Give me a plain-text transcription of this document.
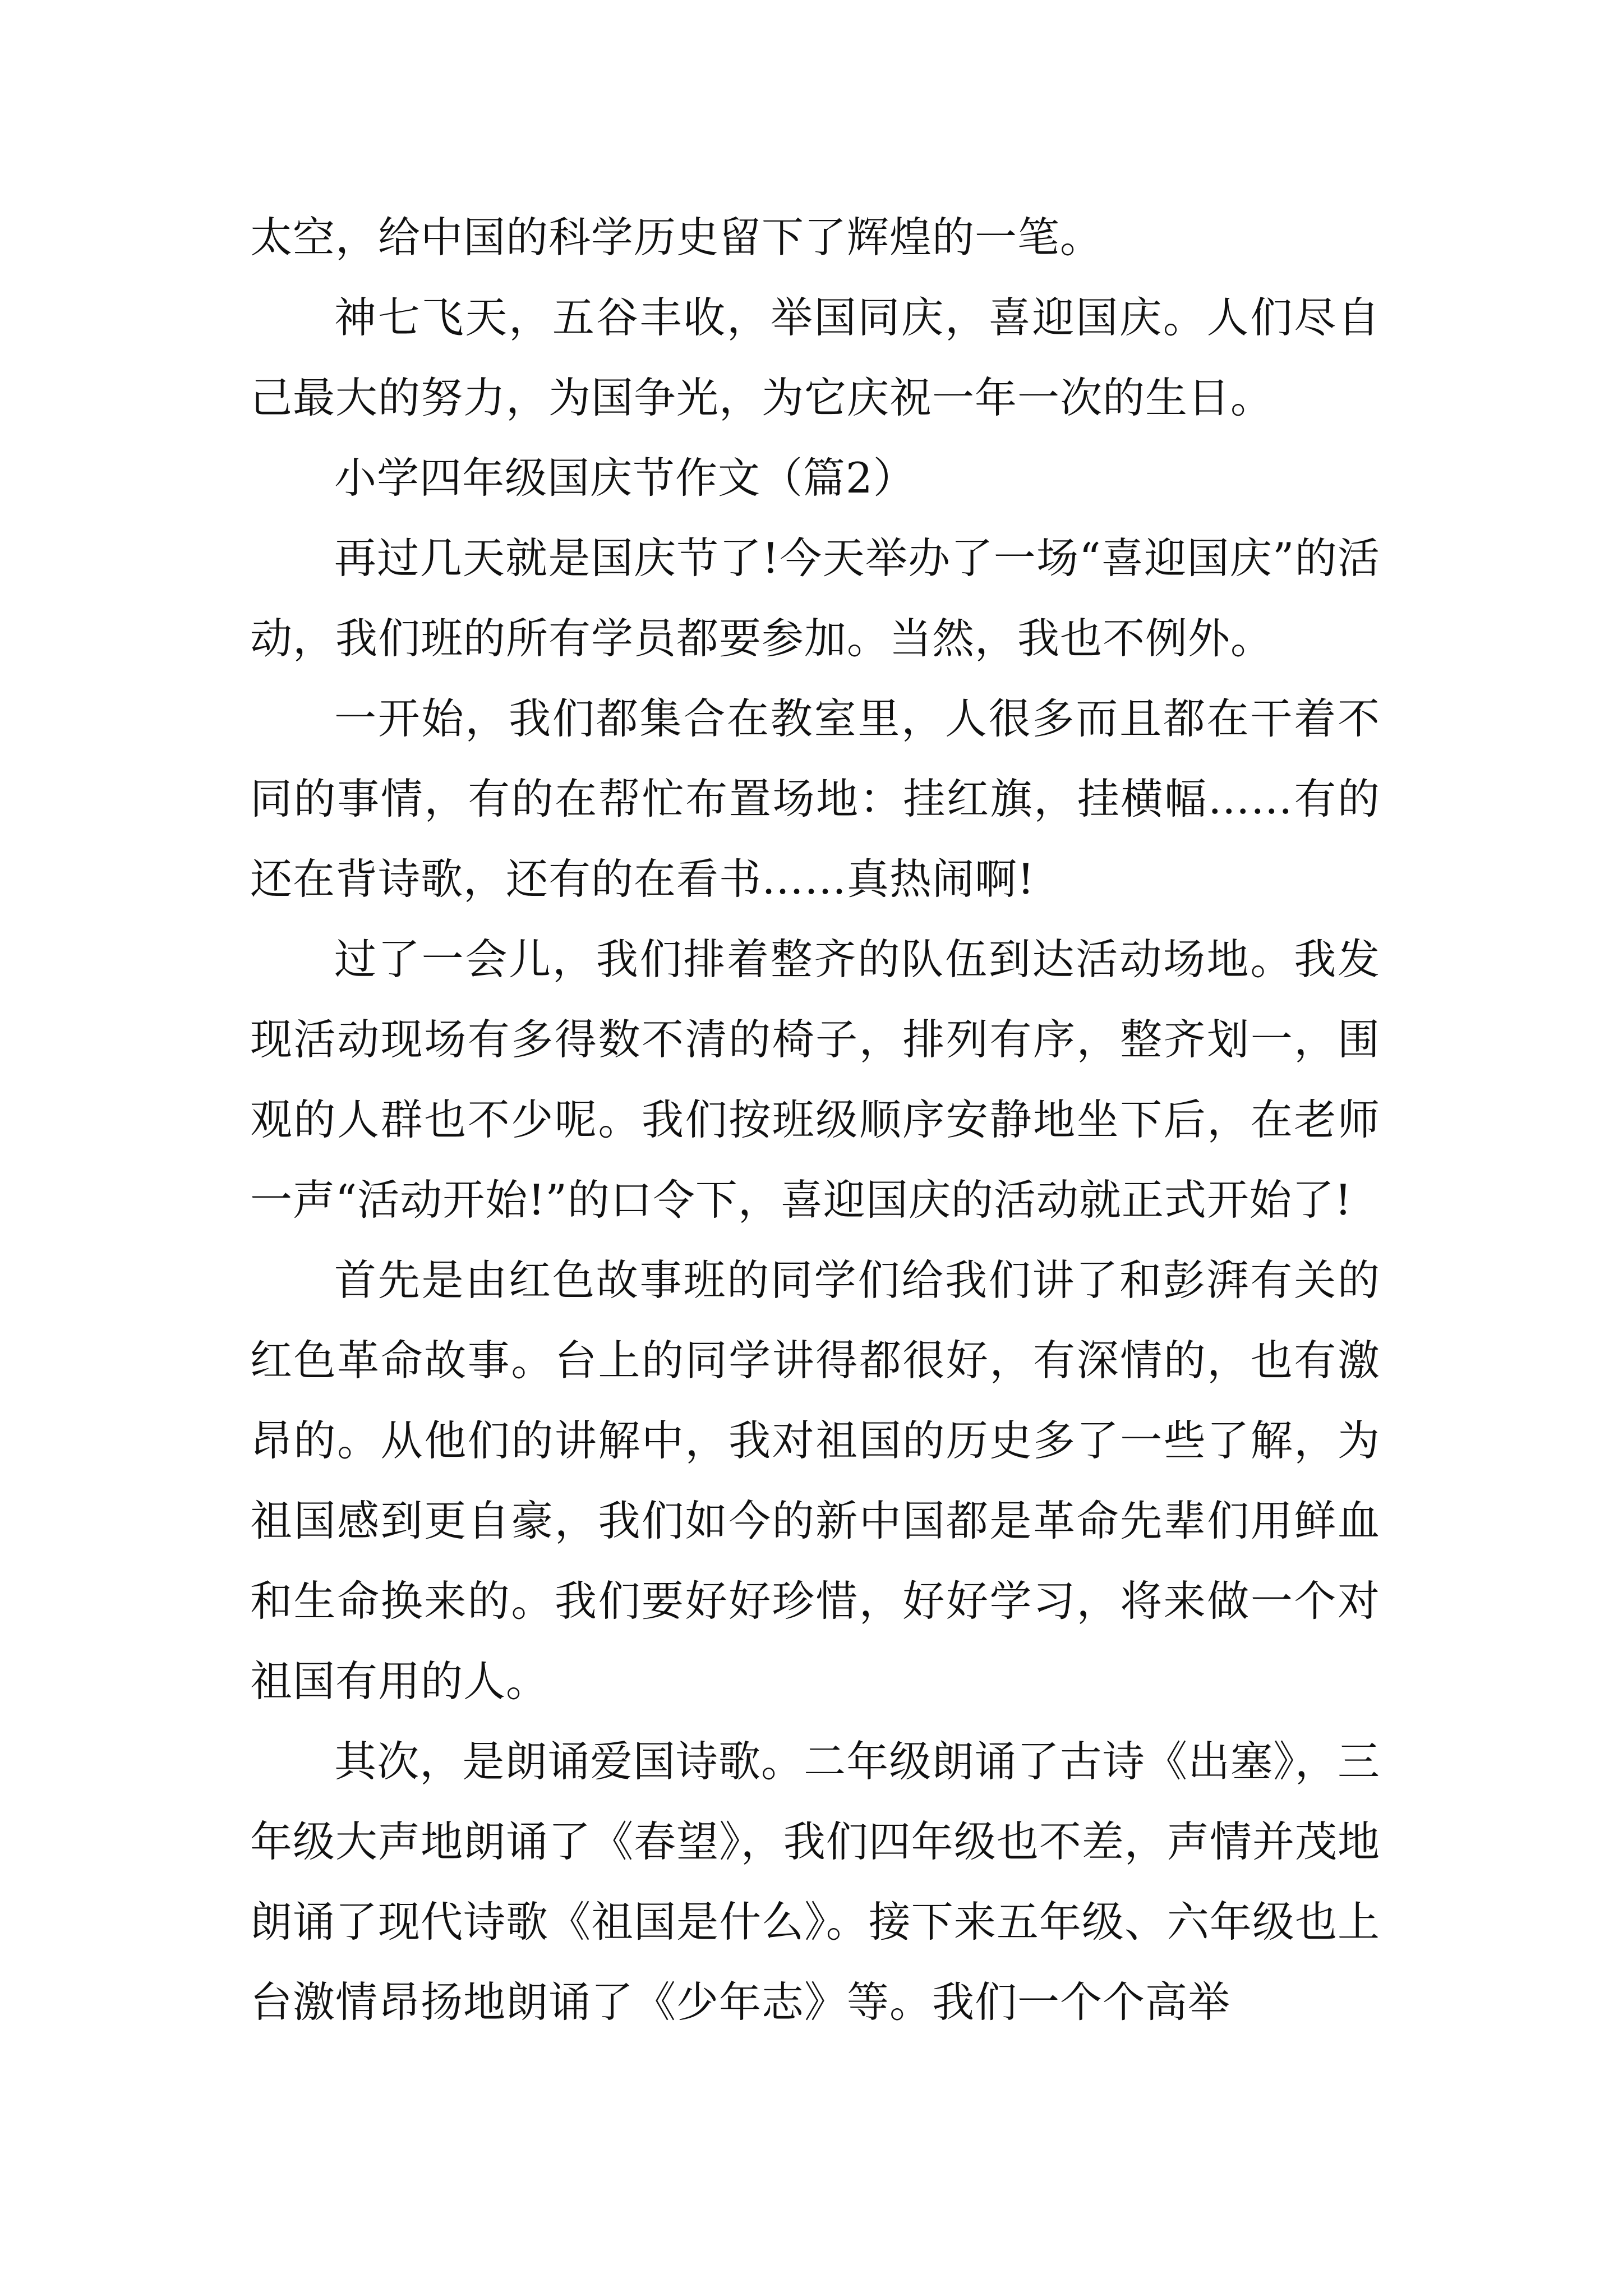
太空，给中国的科学历史留下了辉煌的一笔。

神七飞天，五谷丰收，举国同庆，喜迎国庆。人们尽自己最大的努力，为国争光，为它庆祝一年一次的生日。

小学四年级国庆节作文（篇2）

再过几天就是国庆节了!今天举办了一场“喜迎国庆”的活动，我们班的所有学员都要参加。当然，我也不例外。

一开始，我们都集合在教室里，人很多而且都在干着不同的事情，有的在帮忙布置场地：挂红旗，挂横幅……有的还在背诗歌，还有的在看书……真热闹啊!

过了一会儿，我们排着整齐的队伍到达活动场地。我发现活动现场有多得数不清的椅子，排列有序，整齐划一，围观的人群也不少呢。我们按班级顺序安静地坐下后，在老师一声“活动开始!”的口令下，喜迎国庆的活动就正式开始了!

首先是由红色故事班的同学们给我们讲了和彭湃有关的红色革命故事。台上的同学讲得都很好，有深情的，也有激昂的。从他们的讲解中，我对祖国的历史多了一些了解，为祖国感到更自豪，我们如今的新中国都是革命先辈们用鲜血和生命换来的。我们要好好珍惜，好好学习，将来做一个对祖国有用的人。

其次，是朗诵爱国诗歌。二年级朗诵了古诗《出塞》，三年级大声地朗诵了《春望》，我们四年级也不差，声情并茂地朗诵了现代诗歌《祖国是什么》。接下来五年级、六年级也上台激情昂扬地朗诵了《少年志》等。我们一个个高举
